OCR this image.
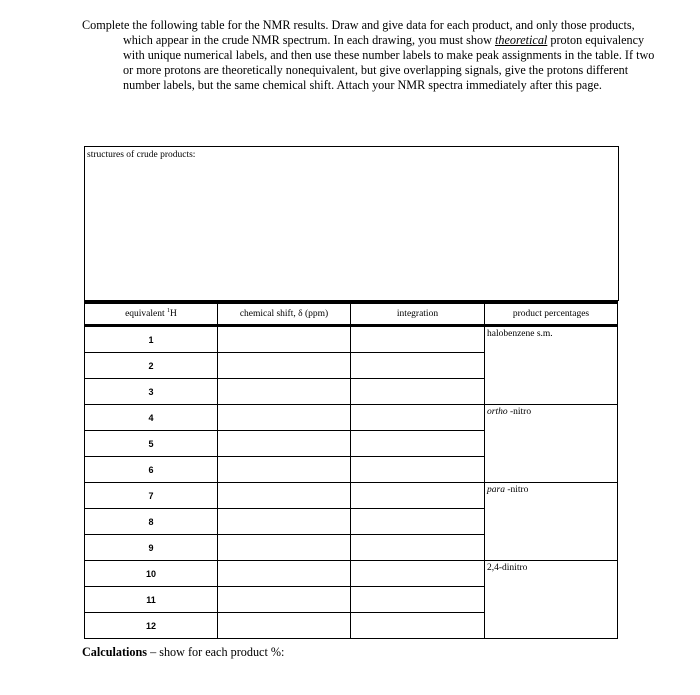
Complete the following table for the NMR results. Draw and give data for each product, and only those products, which appear in the crude NMR spectrum. In each drawing, you must show theoretical proton equivalency with unique numerical labels, and then use these number labels to make peak assignments in the table. If two or more protons are theoretically nonequivalent, but give overlapping signals, give the protons different number labels, but the same chemical shift. Attach your NMR spectra immediately after this page.
structures of crude products:
equivalent $^1$H	chemical shift, δ (ppm)	integration	product percentages
1			halobenzene s.m.
2			
3			
4			ortho -nitro
5			
6			
7			para -nitro
8			
9			
10			2,4-dinitro
11			
12			
Calculations – show for each product %:
